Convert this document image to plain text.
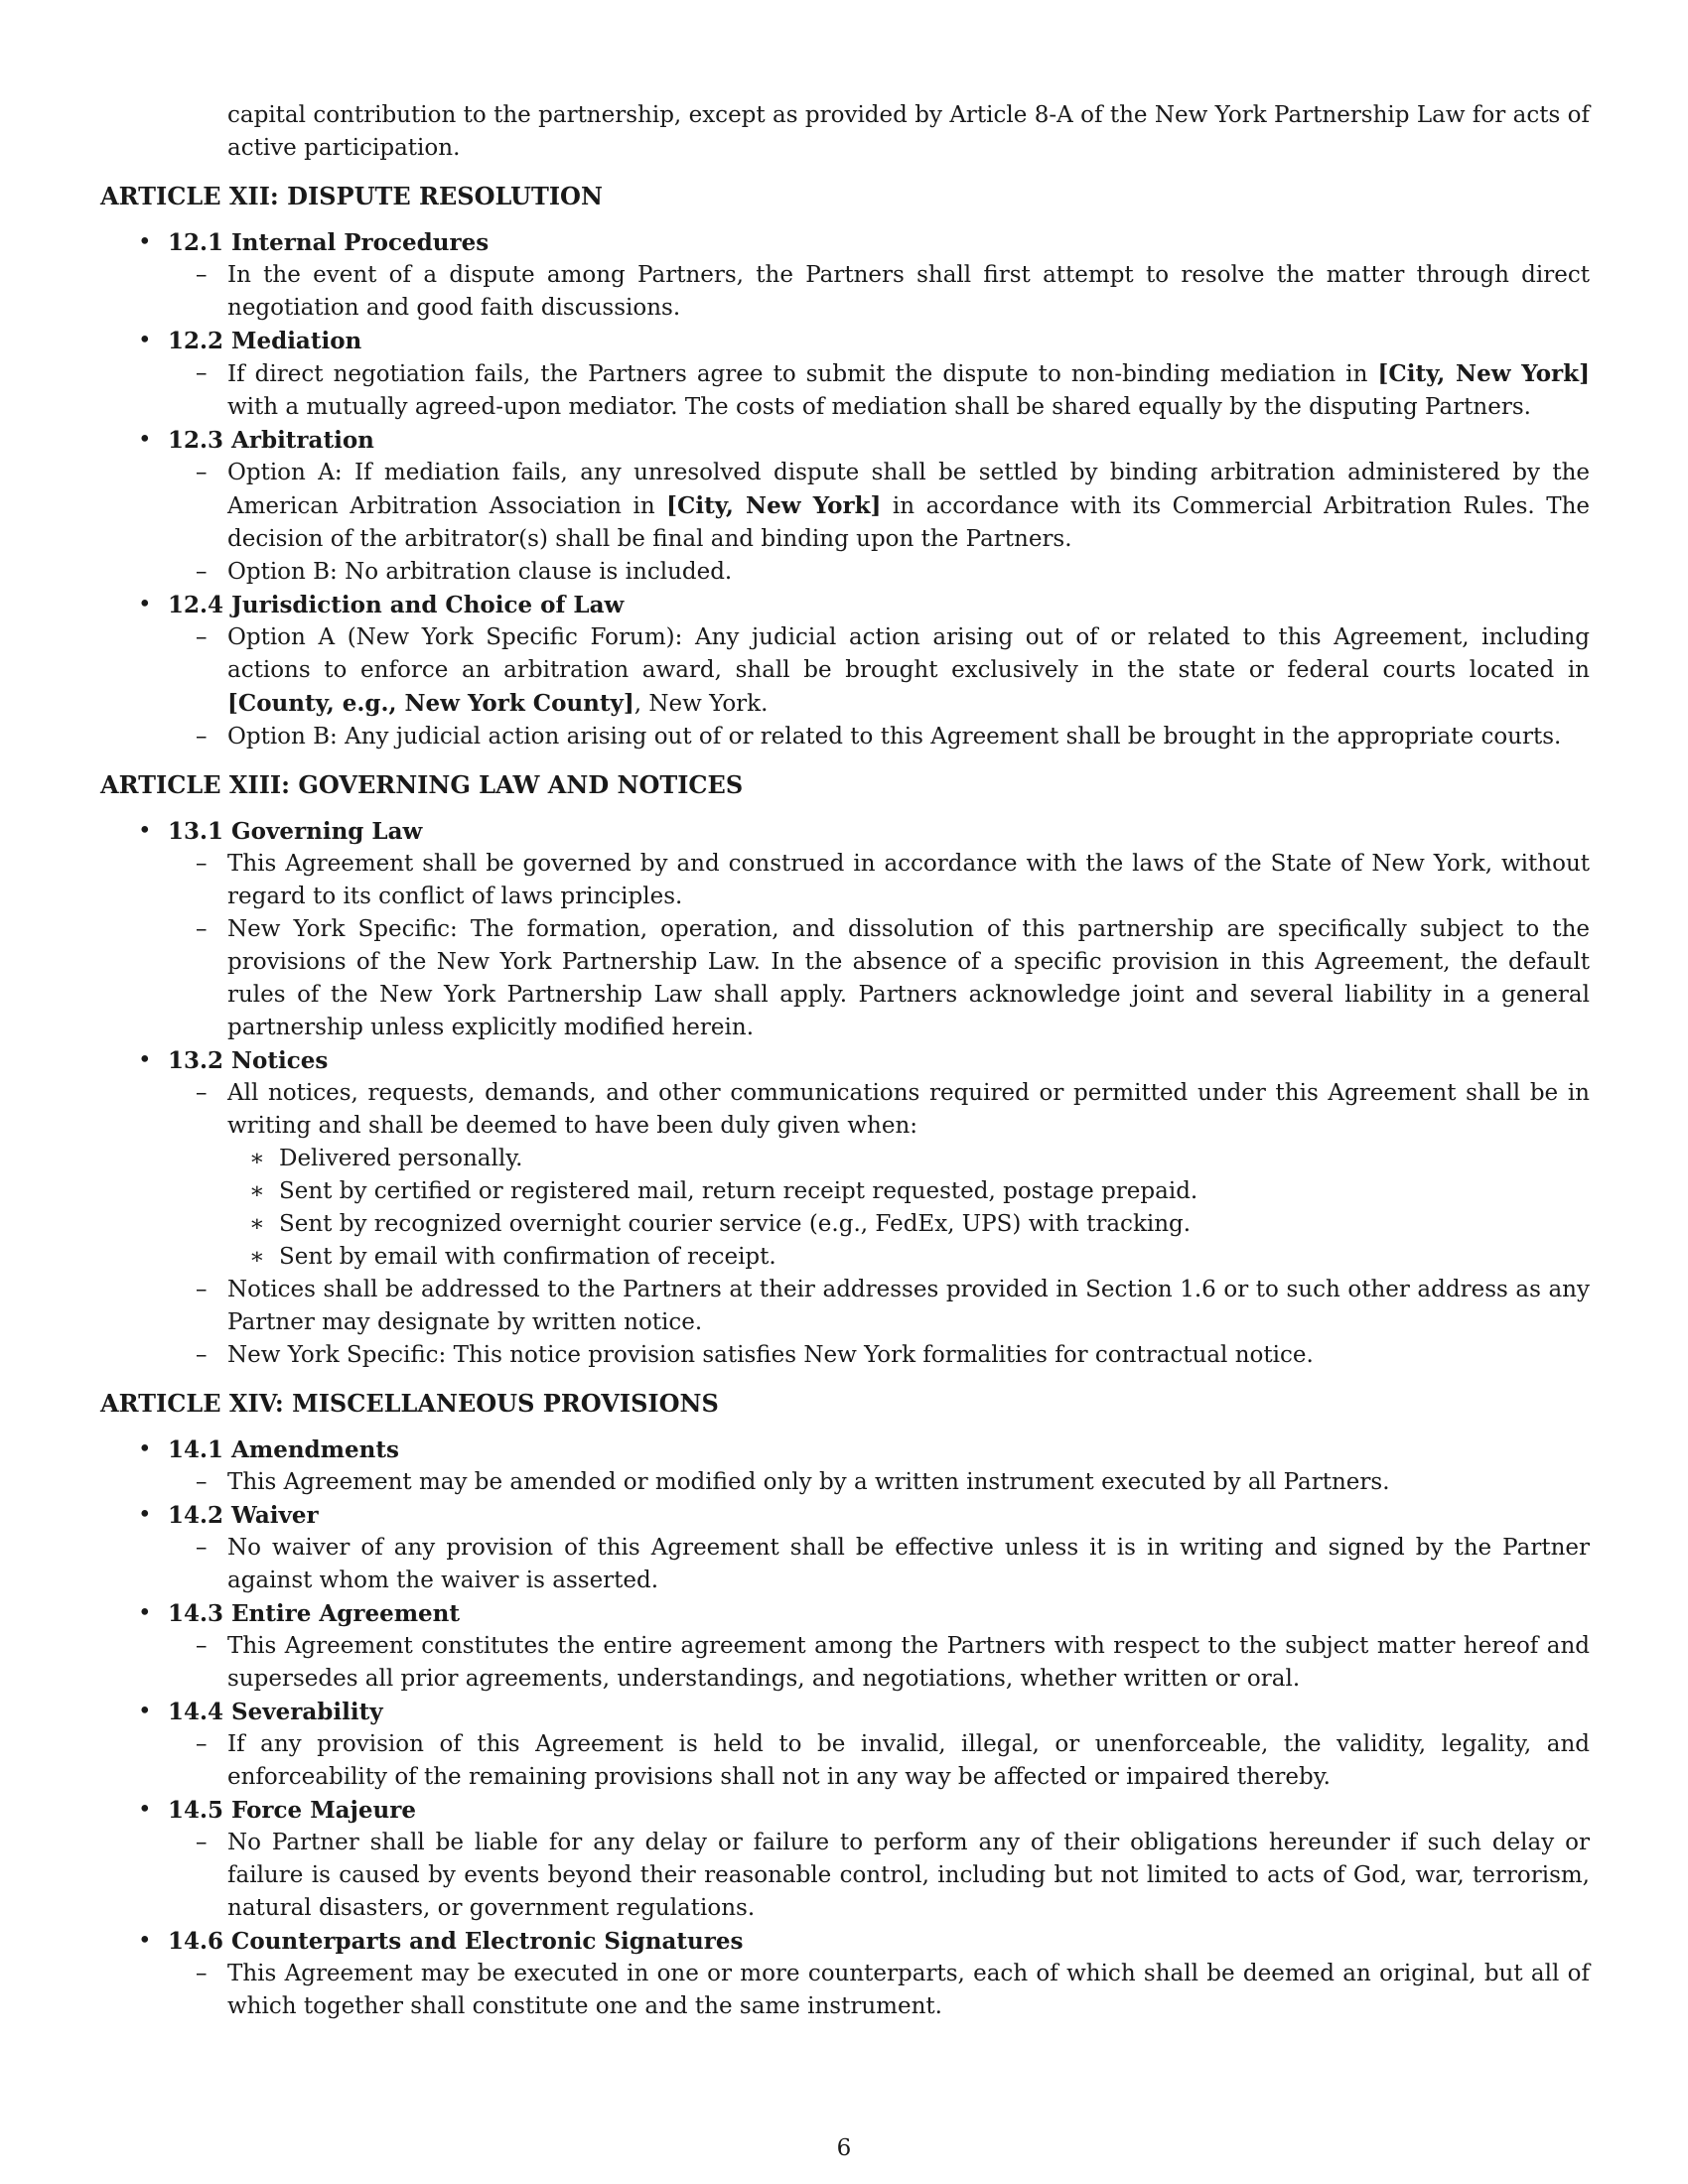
capital contribution to the partnership, except as provided by Article 8-A of the New York Partnership Law for acts of active participation.
ARTICLE XII: DISPUTE RESOLUTION
• 12.1 Internal Procedures
– In the event of a dispute among Partners, the Partners shall first attempt to resolve the matter through direct negotiation and good faith discussions.
• 12.2 Mediation
– If direct negotiation fails, the Partners agree to submit the dispute to non-binding mediation in [City, New York] with a mutually agreed-upon mediator. The costs of mediation shall be shared equally by the disputing Partners.
• 12.3 Arbitration
– Option A: If mediation fails, any unresolved dispute shall be settled by binding arbitration administered by the American Arbitration Association in [City, New York] in accordance with its Commercial Arbitration Rules. The decision of the arbitrator(s) shall be final and binding upon the Partners.
– Option B: No arbitration clause is included.
• 12.4 Jurisdiction and Choice of Law
– Option A (New York Specific Forum): Any judicial action arising out of or related to this Agreement, including actions to enforce an arbitration award, shall be brought exclusively in the state or federal courts located in [County, e.g., New York County], New York.
– Option B: Any judicial action arising out of or related to this Agreement shall be brought in the appropriate courts.
ARTICLE XIII: GOVERNING LAW AND NOTICES
• 13.1 Governing Law
– This Agreement shall be governed by and construed in accordance with the laws of the State of New York, without regard to its conflict of laws principles.
– New York Specific: The formation, operation, and dissolution of this partnership are specifically subject to the provisions of the New York Partnership Law. In the absence of a specific provision in this Agreement, the default rules of the New York Partnership Law shall apply. Partners acknowledge joint and several liability in a general partnership unless explicitly modified herein.
• 13.2 Notices
– All notices, requests, demands, and other communications required or permitted under this Agreement shall be in writing and shall be deemed to have been duly given when:
∗ Delivered personally.
∗ Sent by certified or registered mail, return receipt requested, postage prepaid.
∗ Sent by recognized overnight courier service (e.g., FedEx, UPS) with tracking.
∗ Sent by email with confirmation of receipt.
– Notices shall be addressed to the Partners at their addresses provided in Section 1.6 or to such other address as any Partner may designate by written notice.
– New York Specific: This notice provision satisfies New York formalities for contractual notice.
ARTICLE XIV: MISCELLANEOUS PROVISIONS
• 14.1 Amendments
– This Agreement may be amended or modified only by a written instrument executed by all Partners.
• 14.2 Waiver
– No waiver of any provision of this Agreement shall be effective unless it is in writing and signed by the Partner against whom the waiver is asserted.
• 14.3 Entire Agreement
– This Agreement constitutes the entire agreement among the Partners with respect to the subject matter hereof and supersedes all prior agreements, understandings, and negotiations, whether written or oral.
• 14.4 Severability
– If any provision of this Agreement is held to be invalid, illegal, or unenforceable, the validity, legality, and enforceability of the remaining provisions shall not in any way be affected or impaired thereby.
• 14.5 Force Majeure
– No Partner shall be liable for any delay or failure to perform any of their obligations hereunder if such delay or failure is caused by events beyond their reasonable control, including but not limited to acts of God, war, terrorism, natural disasters, or government regulations.
• 14.6 Counterparts and Electronic Signatures
– This Agreement may be executed in one or more counterparts, each of which shall be deemed an original, but all of which together shall constitute one and the same instrument.
6
